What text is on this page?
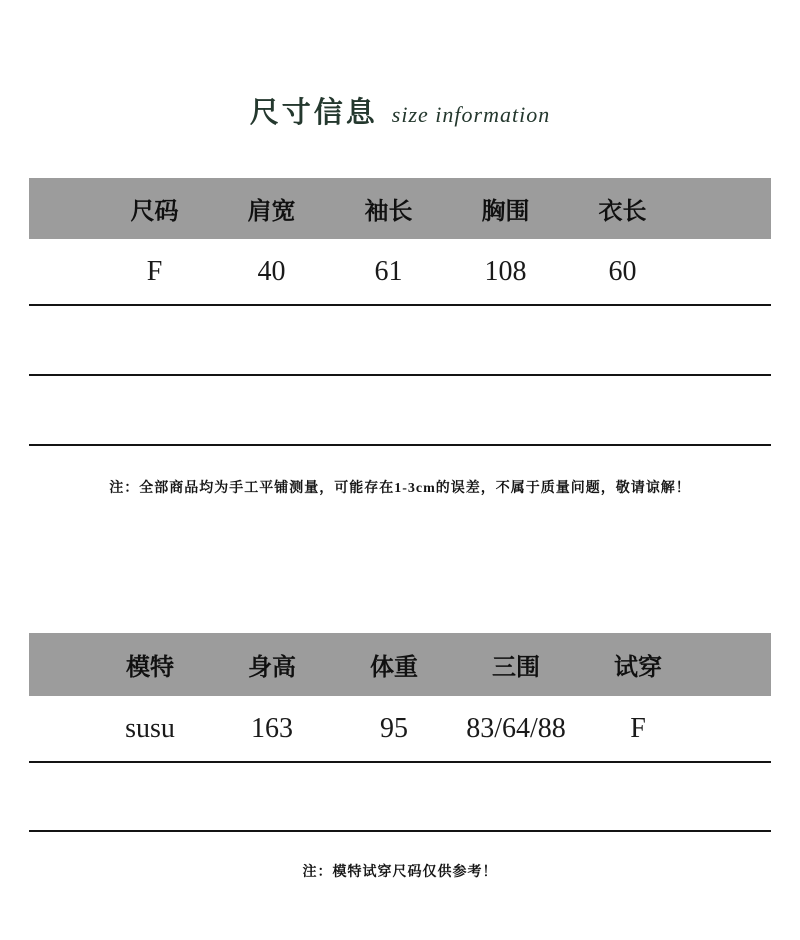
尺寸信息 size information
尺码	肩宽	袖长	胸围	衣长
F	40	61	108	60
注：全部商品均为手工平铺测量，可能存在1-3cm的误差，不属于质量问题，敬请谅解！
模特	身高	体重	三围	试穿
susu	163	95	83/64/88	F
注：模特试穿尺码仅供参考！
